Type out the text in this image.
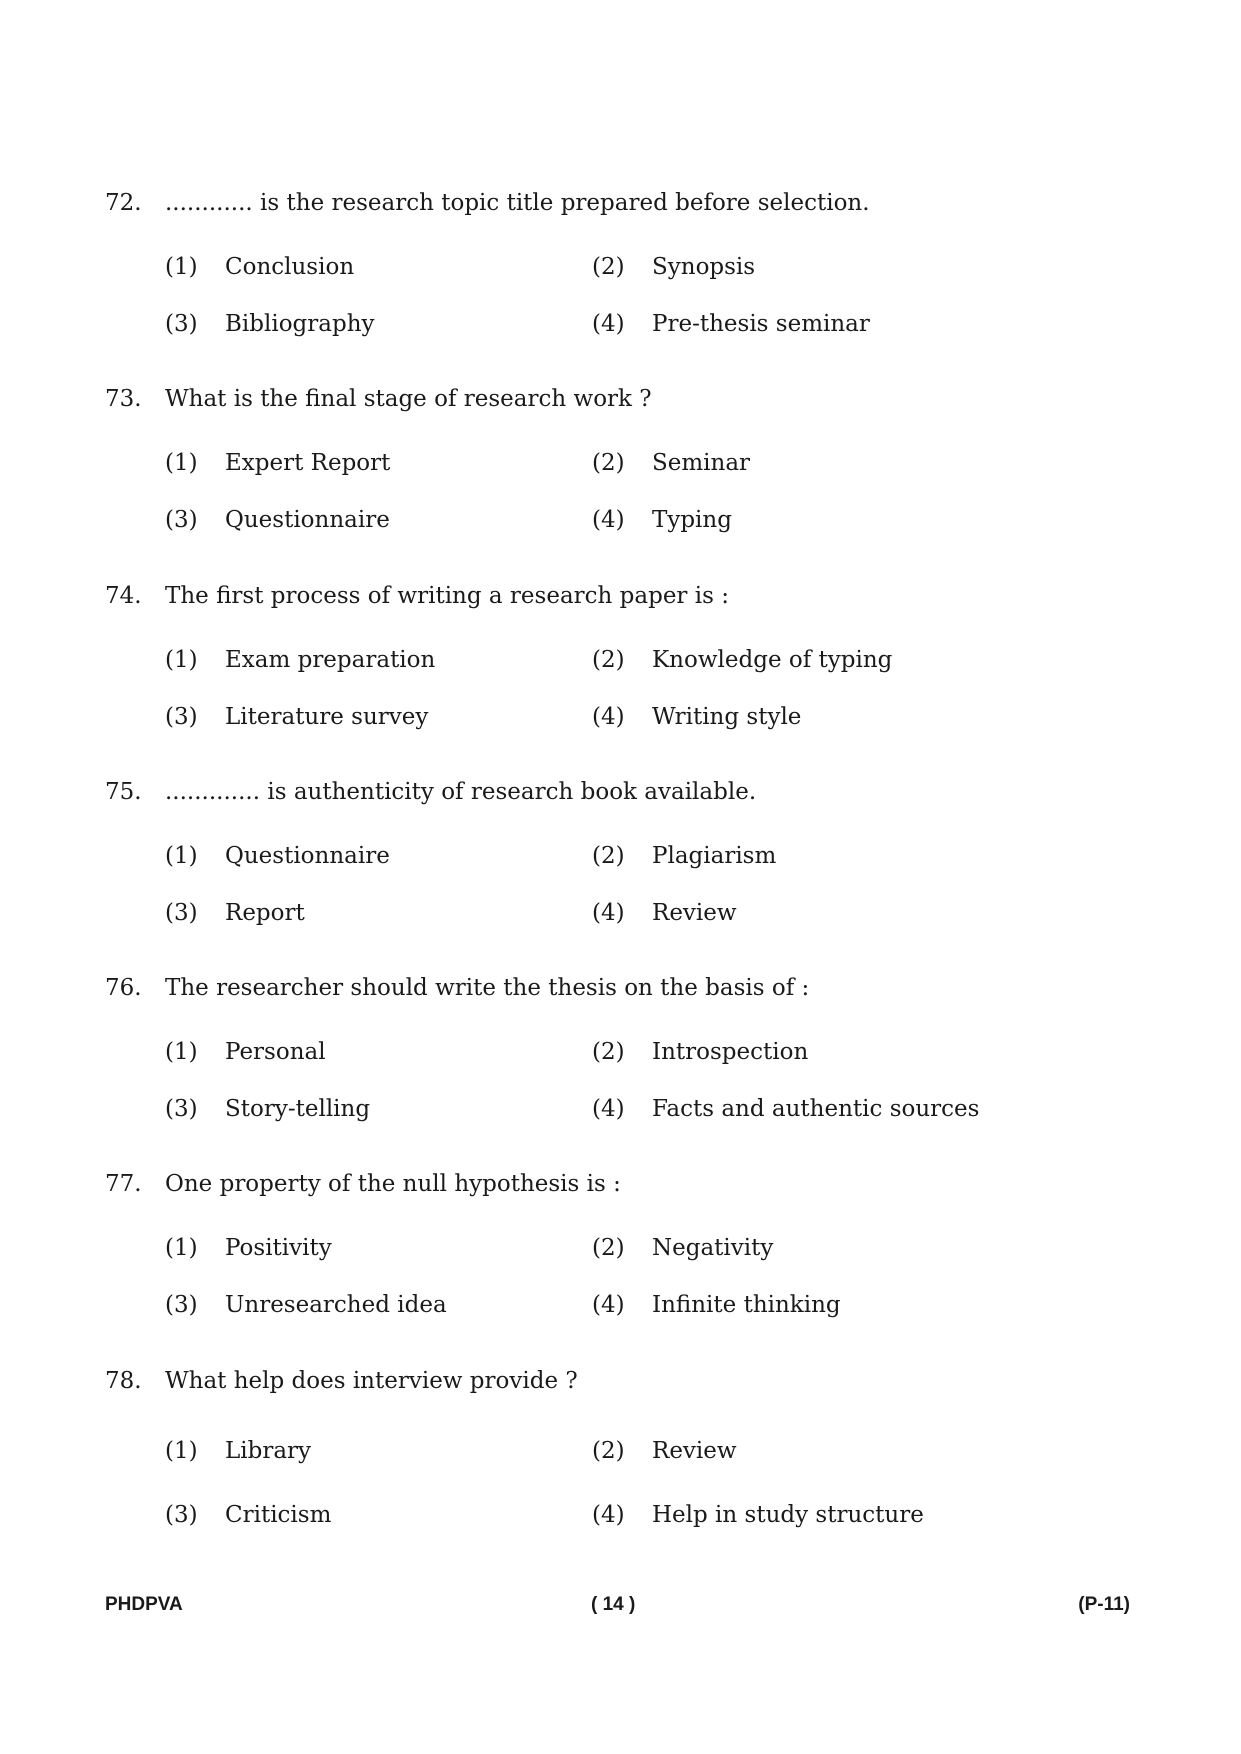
72. ............ is the research topic title prepared before selection.
(1) Conclusion	(2) Synopsis
(3) Bibliography	(4) Pre-thesis seminar
73. What is the final stage of research work ?
(1) Expert Report	(2) Seminar
(3) Questionnaire	(4) Typing
74. The first process of writing a research paper is :
(1) Exam preparation	(2) Knowledge of typing
(3) Literature survey	(4) Writing style
75. ............. is authenticity of research book available.
(1) Questionnaire	(2) Plagiarism
(3) Report	(4) Review
76. The researcher should write the thesis on the basis of :
(1) Personal	(2) Introspection
(3) Story-telling	(4) Facts and authentic sources
77. One property of the null hypothesis is :
(1) Positivity	(2) Negativity
(3) Unresearched idea	(4) Infinite thinking
78. What help does interview provide ?
(1) Library	(2) Review
(3) Criticism	(4) Help in study structure
PHDPVA	( 14 )	(P-11)
